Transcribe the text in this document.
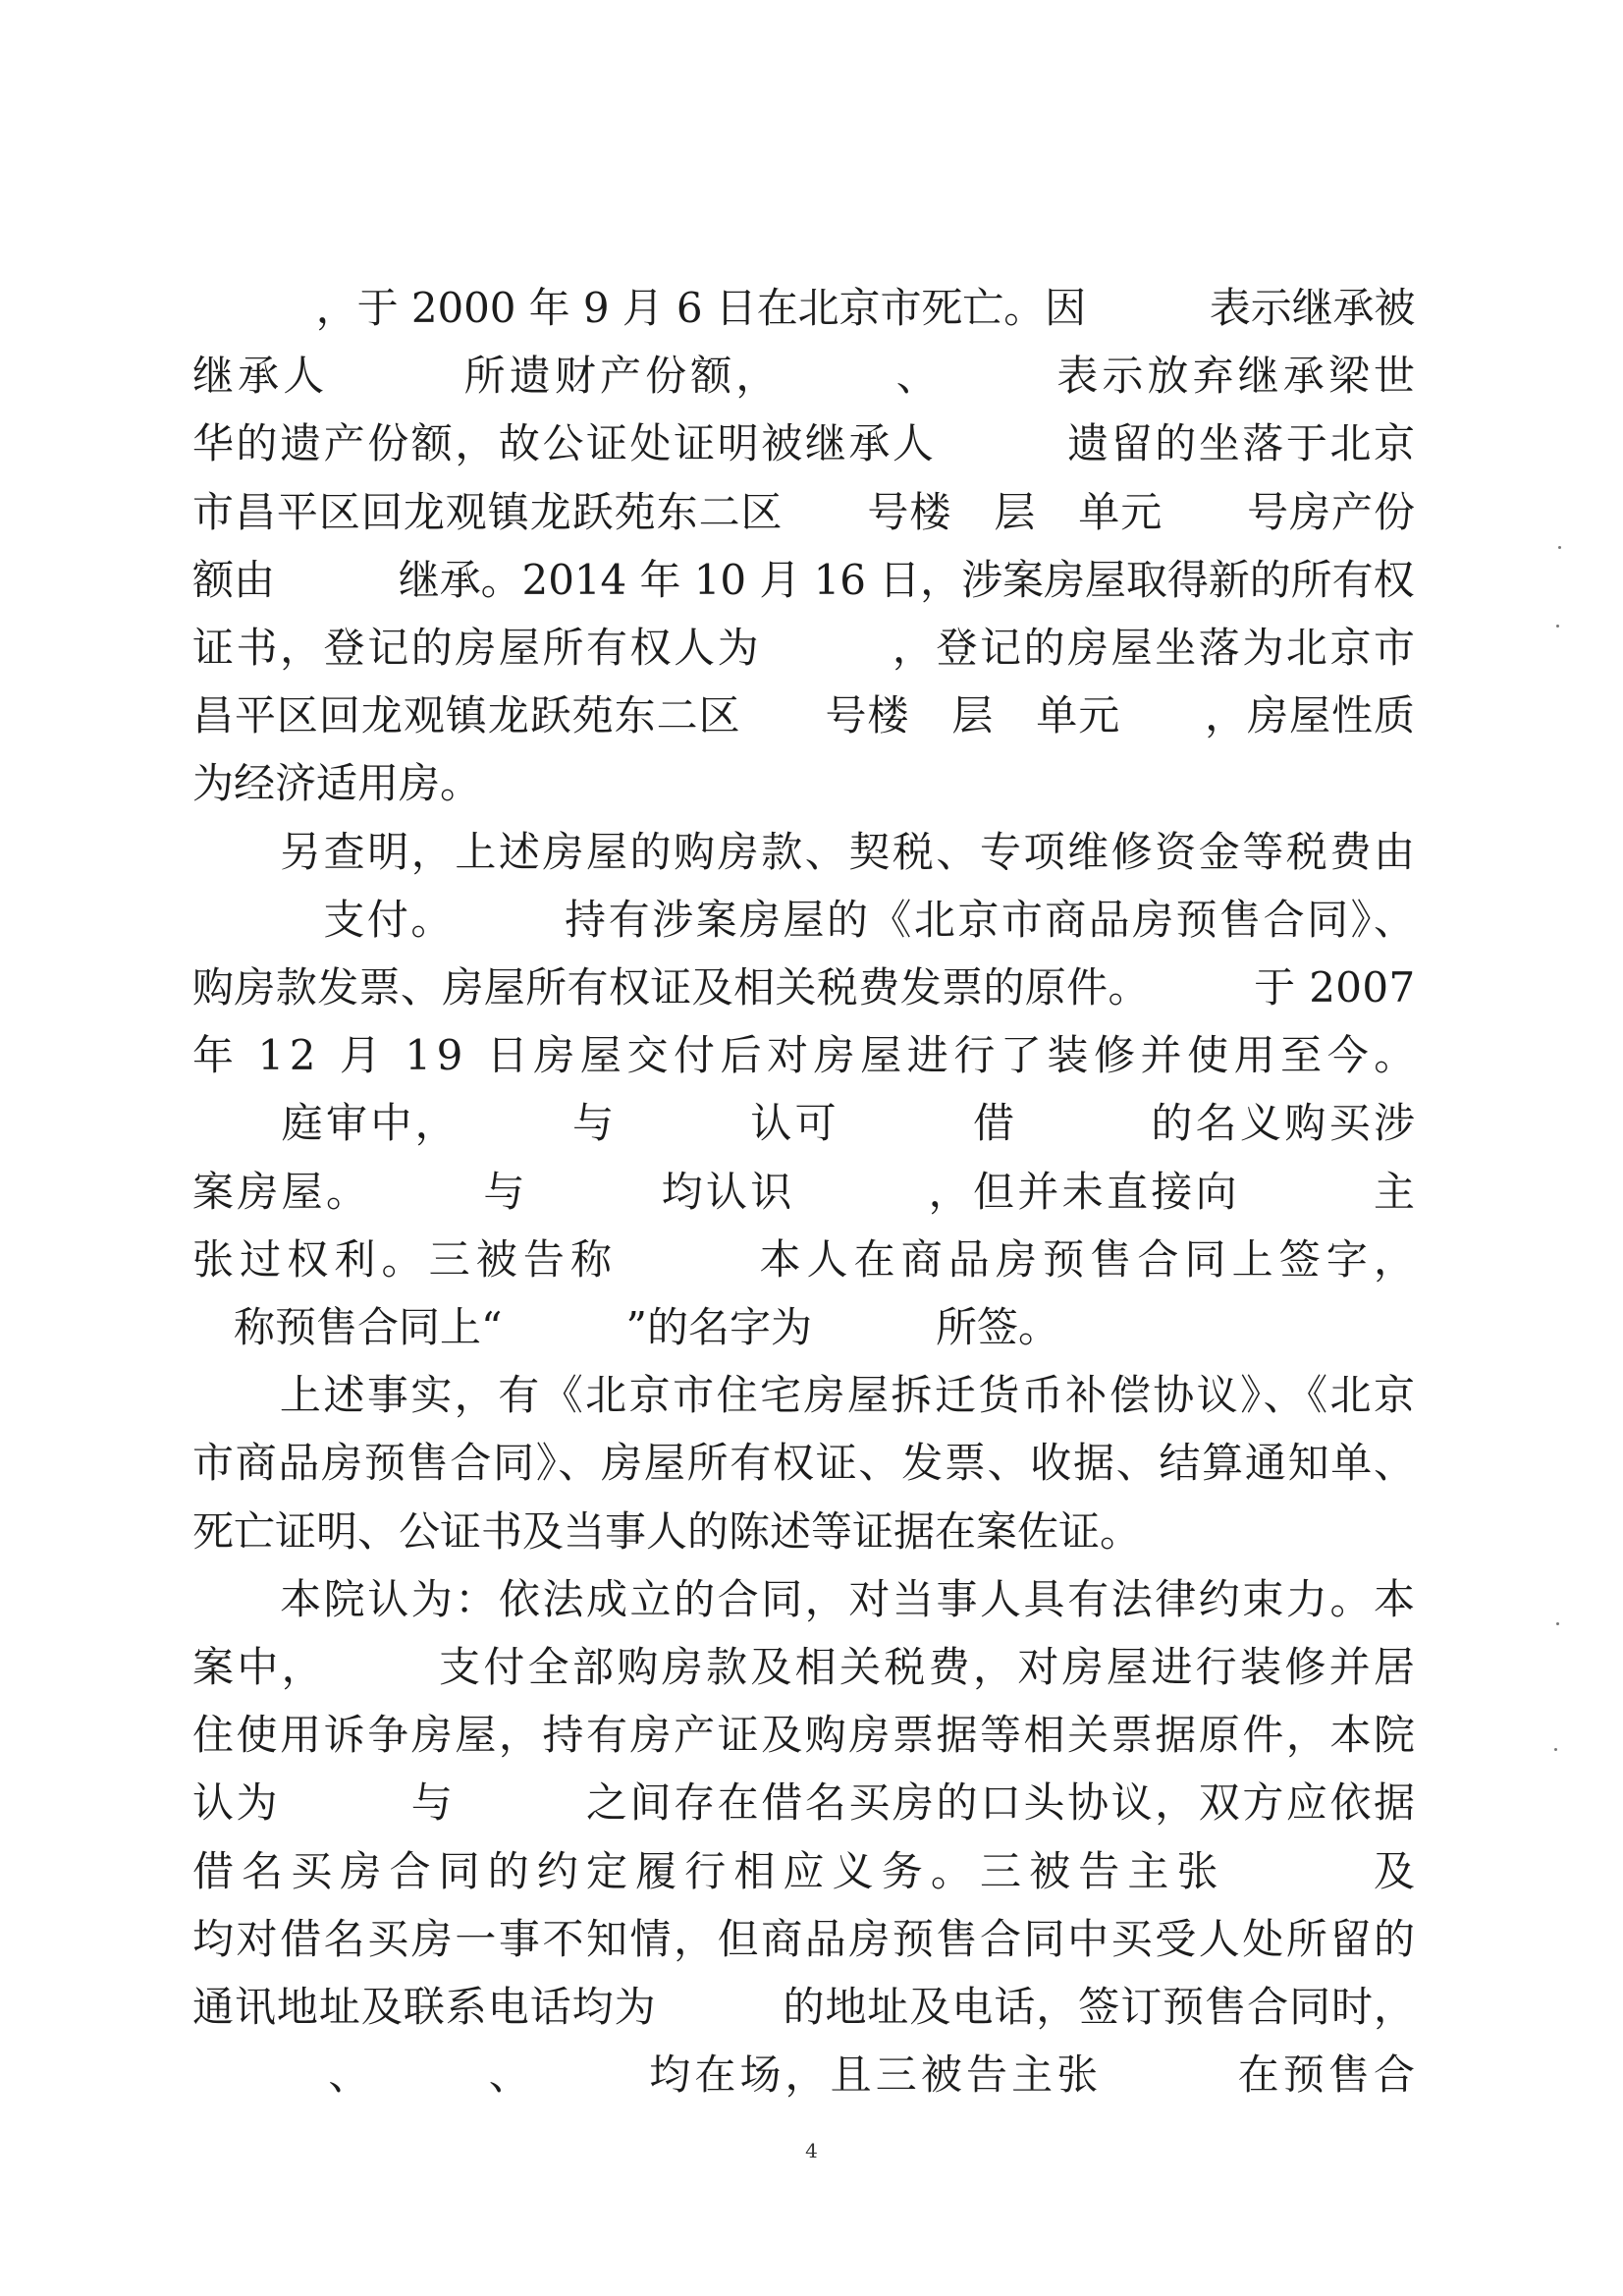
　　　，于 2000 年 9 月 6 日在北京市死亡。因　　　表示继承被
继承人　　　所遗财产份额，　　　、　　　表示放弃继承梁世
华的遗产份额，故公证处证明被继承人　　　遗留的坐落于北京
市昌平区回龙观镇龙跃苑东二区　　号楼　层　单元　　号房产份
额由　　　继承。2014 年 10 月 16 日，涉案房屋取得新的所有权
证书，登记的房屋所有权人为　　　，登记的房屋坐落为北京市
昌平区回龙观镇龙跃苑东二区　　号楼　层　单元　　，房屋性质
为经济适用房。
　　另查明，上述房屋的购房款、契税、专项维修资金等税费由
　　　支付。　　　持有涉案房屋的《北京市商品房预售合同》、
购房款发票、房屋所有权证及相关税费发票的原件。　　　于 2007
年 12 月 19 日房屋交付后对房屋进行了装修并使用至今。
　　庭审中，　　　与　　　认可　　　借　　　的名义购买涉
案房屋。　　　与　　　均认识　　　，但并未直接向　　　主
张过权利。三被告称　　　本人在商品房预售合同上签字，
　称预售合同上“　　　”的名字为　　　所签。
　　上述事实，有《北京市住宅房屋拆迁货币补偿协议》、《北京
市商品房预售合同》、房屋所有权证、发票、收据、结算通知单、
死亡证明、公证书及当事人的陈述等证据在案佐证。
　　本院认为：依法成立的合同，对当事人具有法律约束力。本
案中，　　　支付全部购房款及相关税费，对房屋进行装修并居
住使用诉争房屋，持有房产证及购房票据等相关票据原件，本院
认为　　　与　　　之间存在借名买房的口头协议，双方应依据
借名买房合同的约定履行相应义务。三被告主张　　　及
均对借名买房一事不知情，但商品房预售合同中买受人处所留的
通讯地址及联系电话均为　　　的地址及电话，签订预售合同时，
　　　、　　　、　　　均在场，且三被告主张　　　在预售合
4
